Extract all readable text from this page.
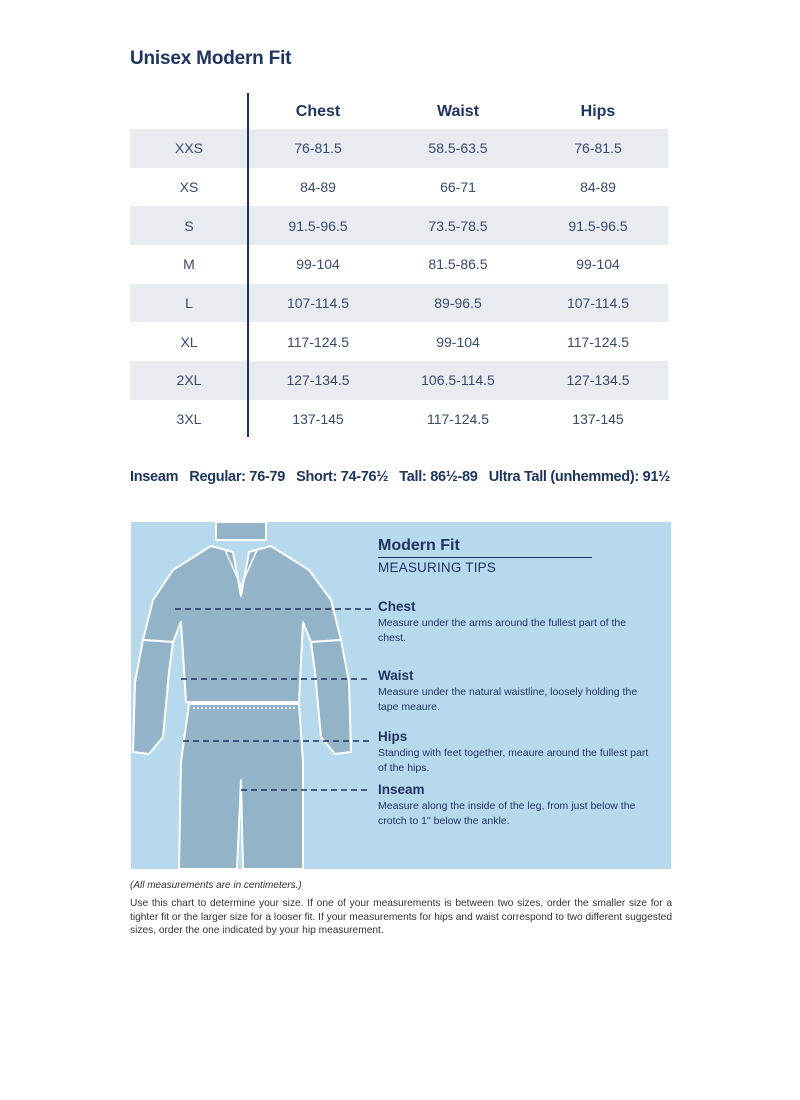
Unisex Modern Fit
Chest	Waist	Hips
XXS	76-81.5	58.5-63.5	76-81.5
XS	84-89	66-71	84-89
S	91.5-96.5	73.5-78.5	91.5-96.5
M	99-104	81.5-86.5	99-104
L	107-114.5	89-96.5	107-114.5
XL	117-124.5	99-104	117-124.5
2XL	127-134.5	106.5-114.5	127-134.5
3XL	137-145	117-124.5	137-145
Inseam Regular: 76-79 Short: 74-76½ Tall: 86½-89 Ultra Tall (unhemmed): 91½
Modern Fit
MEASURING TIPS
Chest
Measure under the arms around the fullest part of the chest.
Waist
Measure under the natural waistline, loosely holding the tape meaure.
Hips
Standing with feet together, meaure around the fullest part of the hips.
Inseam
Measure along the inside of the leg, from just below the crotch to 1" below the ankle.
(All measurements are in centimeters.)
Use this chart to determine your size. If one of your measurements is between two sizes, order the smaller size for a tighter fit or the larger size for a looser fit. If your measurements for hips and waist correspond to two different suggested sizes, order the one indicated by your hip measurement.
